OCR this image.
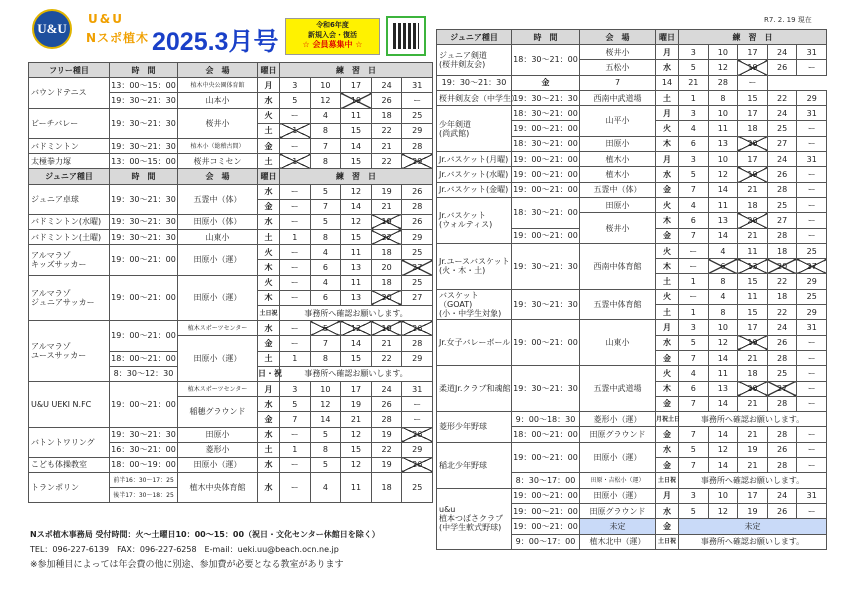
U&U
U&U
Nスポ植木 2025.3月号
令和6年度
新規入会・復活
☆ 会員募集中 ☆
R7. 2. 19 現在
フリー種目	時　間	会　場	曜日	練　習　日				
バウンドテニス	13：00～15：00	植木中央公園体育館	月	3	10	17	24	31
	19：30～21：30	山本小	水	5	12	19	26	ー
ビーチバレー	19：30～21：30	桜井小	火	ー	4	11	18	25
			土	1	8	15	22	29
バドミントン	19：30～21：30	植木小（総稽古間）	金	ー	7	14	21	28
太極拳力塚	13：00～15：00	桜井コミセン	土	1	8	15	22	29
ジュニア種目	時　間	会　場	曜日	練　習　日				
ジュニア卓球	19：30～21：30	五霊中（体）	水	ー	5	12	19	26
			金	ー	7	14	21	28
バドミントン(水曜)	19：30～21：30	田原小（体）	水	ー	5	12	19	26
バドミントン(土曜)	19：30～21：30	山東小	土	1	8	15	22	29
アルマラゾ
キッズサッカー	19：00～21：00	田原小（運）	火	ー	4	11	18	25
			木	ー	6	13	20	27
アルマラゾ
ジュニアサッカー	19：00～21：00	田原小（運）	火	ー	4	11	18	25
			木	ー	6	13	20	27
			土日祝	事務所へ確認お願いします。				
アルマラゾ
ユースサッカー	19：00～21：00	植木スポーツセンター	水	ー	5	12	19	26
		田原小（運）	金	ー	7	14	21	28
	18：00～21：00		土	1	8	15	22	29
	8：30～12：30		日・祝	事務所へ確認お願いします。				
U&U UEKI N.FC	19：00～21：00	植木スポーツセンター	月	3	10	17	24	31
		稲穂グラウンド	水	5	12	19	26	ー
			金	7	14	21	28	ー
バトントワリング	19：30～21：30	田原小	水	ー	5	12	19	26
	16：30～21：00	菱形小	土	1	8	15	22	29
こども体操教室	18：00～19：00	田原小（運）	水	ー	5	12	19	26
トランポリン	前半16：30～17：25	植木中央体育館	水	ー	4	11	18	25
	後半17：30～18：25							
ジュニア種目	時　間	会　場	曜日	練　習　日				
ジュニア剣道
(桜井剣友会)	18：30～21：00	桜井小	月	3	10	17	24	31
		五松小	水	5	12	19	26	ー
19：30～21：30	金	7	14	21	28	ー		
桜井剣友会（中学生）	19：30～21：30	西南中武道場	土	1	8	15	22	29
少年剣道
(尚武館)	18：30～21：00	山平小	月	3	10	17	24	31
	19：00～21：00		火	4	11	18	25	ー
	18：30～21：00	田原小	木	6	13	20	27	ー
Jr.バスケット(月曜)	19：00～21：00	植木小	月	3	10	17	24	31
Jr.バスケット(水曜)	19：00～21：00	植木小	水	5	12	19	26	ー
Jr.バスケット(金曜)	19：00～21：00	五霊中（体）	金	7	14	21	28	ー
Jr.バスケット
(ウォルティス)	18：30～21：00	田原小	火	4	11	18	25	ー
		桜井小	木	6	13	20	27	ー
	19：00～21：00		金	7	14	21	28	ー
Jr.ユースバスケット
(火・木・土)	19：30～21：30	西南中体育館	火	ー	4	11	18	25
			木	ー	6	13	20	27
			土	1	8	15	22	29
バスケット（GOAT)
(小・中学生対象)	19：30～21：30	五霊中体育館	火	ー	4	11	18	25
			土	1	8	15	22	29
Jr.女子バレーボール	19：00～21：00	山東小	月	3	10	17	24	31
			水	5	12	19	26	ー
			金	7	14	21	28	ー
柔道Jr.クラブ和魂館	19：30～21：30	五霊中武道場	火	4	11	18	25	ー
			木	6	13	20	27	ー
			金	7	14	21	28	ー
菱形少年野球	9：00～18：30	菱形小（運）	月祝土日	事務所へ確認お願いします。				
	18：00～21：00	田原グラウンド	金	7	14	21	28	ー
稲北少年野球	19：00～21：00	田原小（運）	水	5	12	19	26	ー
			金	7	14	21	28	ー
	8：30～17：00	田原・吉松小（運）	土日祝	事務所へ確認お願いします。				
u&u
植本つばさクラブ
(中学生軟式野球)	19：00～21：00	田原小（運）	月	3	10	17	24	31
	19：00～21：00	田原グラウンド	水	5	12	19	26	ー
	19：00～21：00	未定	金	未定				
	9：00～17：00	植木北中（運）	土日祝	事務所へ確認お願いします。				
Nスポ植木事務局 受付時間：火～土曜日10：00～15：00（祝日・文化センター休館日を除く）
TEL：096-227-6139　FAX：096-227-6258　E-mail：ueki.uu@beach.ocn.ne.jp
※参加種目によっては年会費の他に別途、参加費が必要となる教室があります
